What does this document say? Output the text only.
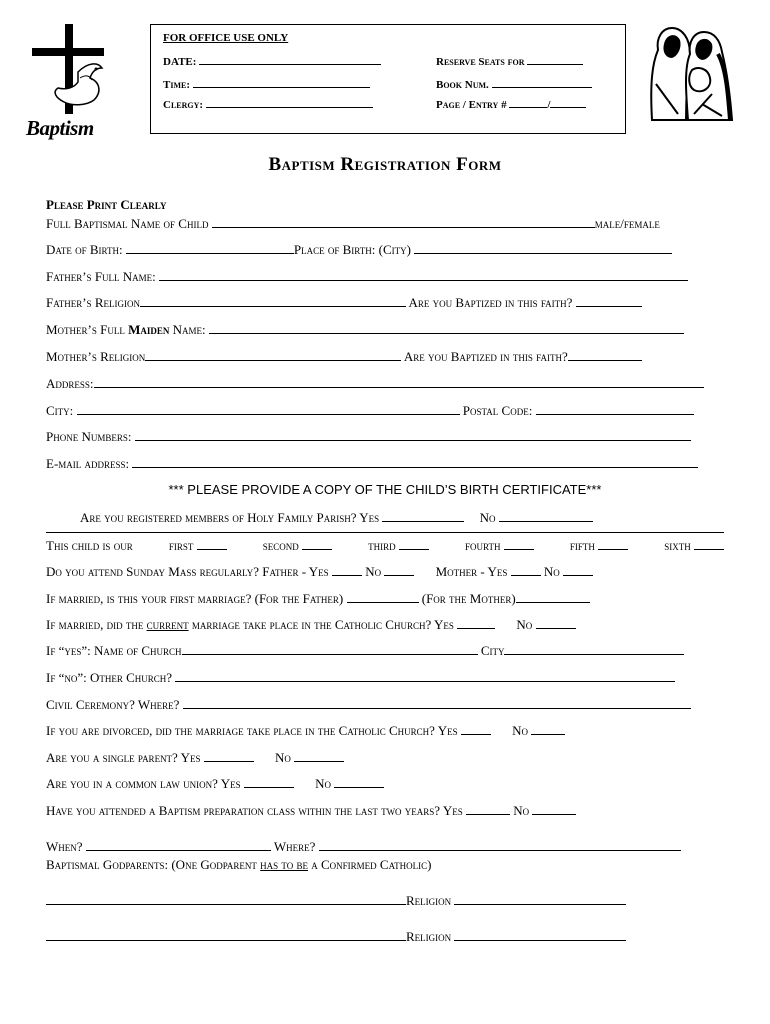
Baptism
FOR OFFICE USE ONLY
DATE:
Time:
Clergy:
Reserve Seats for
Book Num.
Page / Entry #	/
Baptism Registration Form
Please Print Clearly
Full Baptismal Name of Child	male/female
Date of Birth:	Place of Birth: (City)
Father’s Full Name:
Father’s Religion	Are you Baptized in this faith?
Mother’s Full Maiden Name:
Mother’s Religion	Are you Baptized in this faith?
Address:
City:	Postal Code:
Phone Numbers:
E-mail address:
*** PLEASE PROVIDE A COPY OF THE CHILD’S BIRTH CERTIFICATE***
Are you registered members of Holy Family Parish? Yes	No
This child is our	first	second	third	fourth	fifth	sixth
Do you attend Sunday Mass regularly? Father - Yes	No	Mother - Yes	No
If married, is this your first marriage? (For the Father)	(For the Mother)
If married, did the current marriage take place in the Catholic Church? Yes	No
If “yes”: Name of Church	City
If “no”: Other Church?
Civil Ceremony? Where?
If you are divorced, did the marriage take place in the Catholic Church? Yes	No
Are you a single parent? Yes	No
Are you in a common law union? Yes	No
Have you attended a Baptism preparation class within the last two years? Yes	No
When?	Where?
Baptismal Godparents: (One Godparent has to be a Confirmed Catholic)
Religion
Religion
